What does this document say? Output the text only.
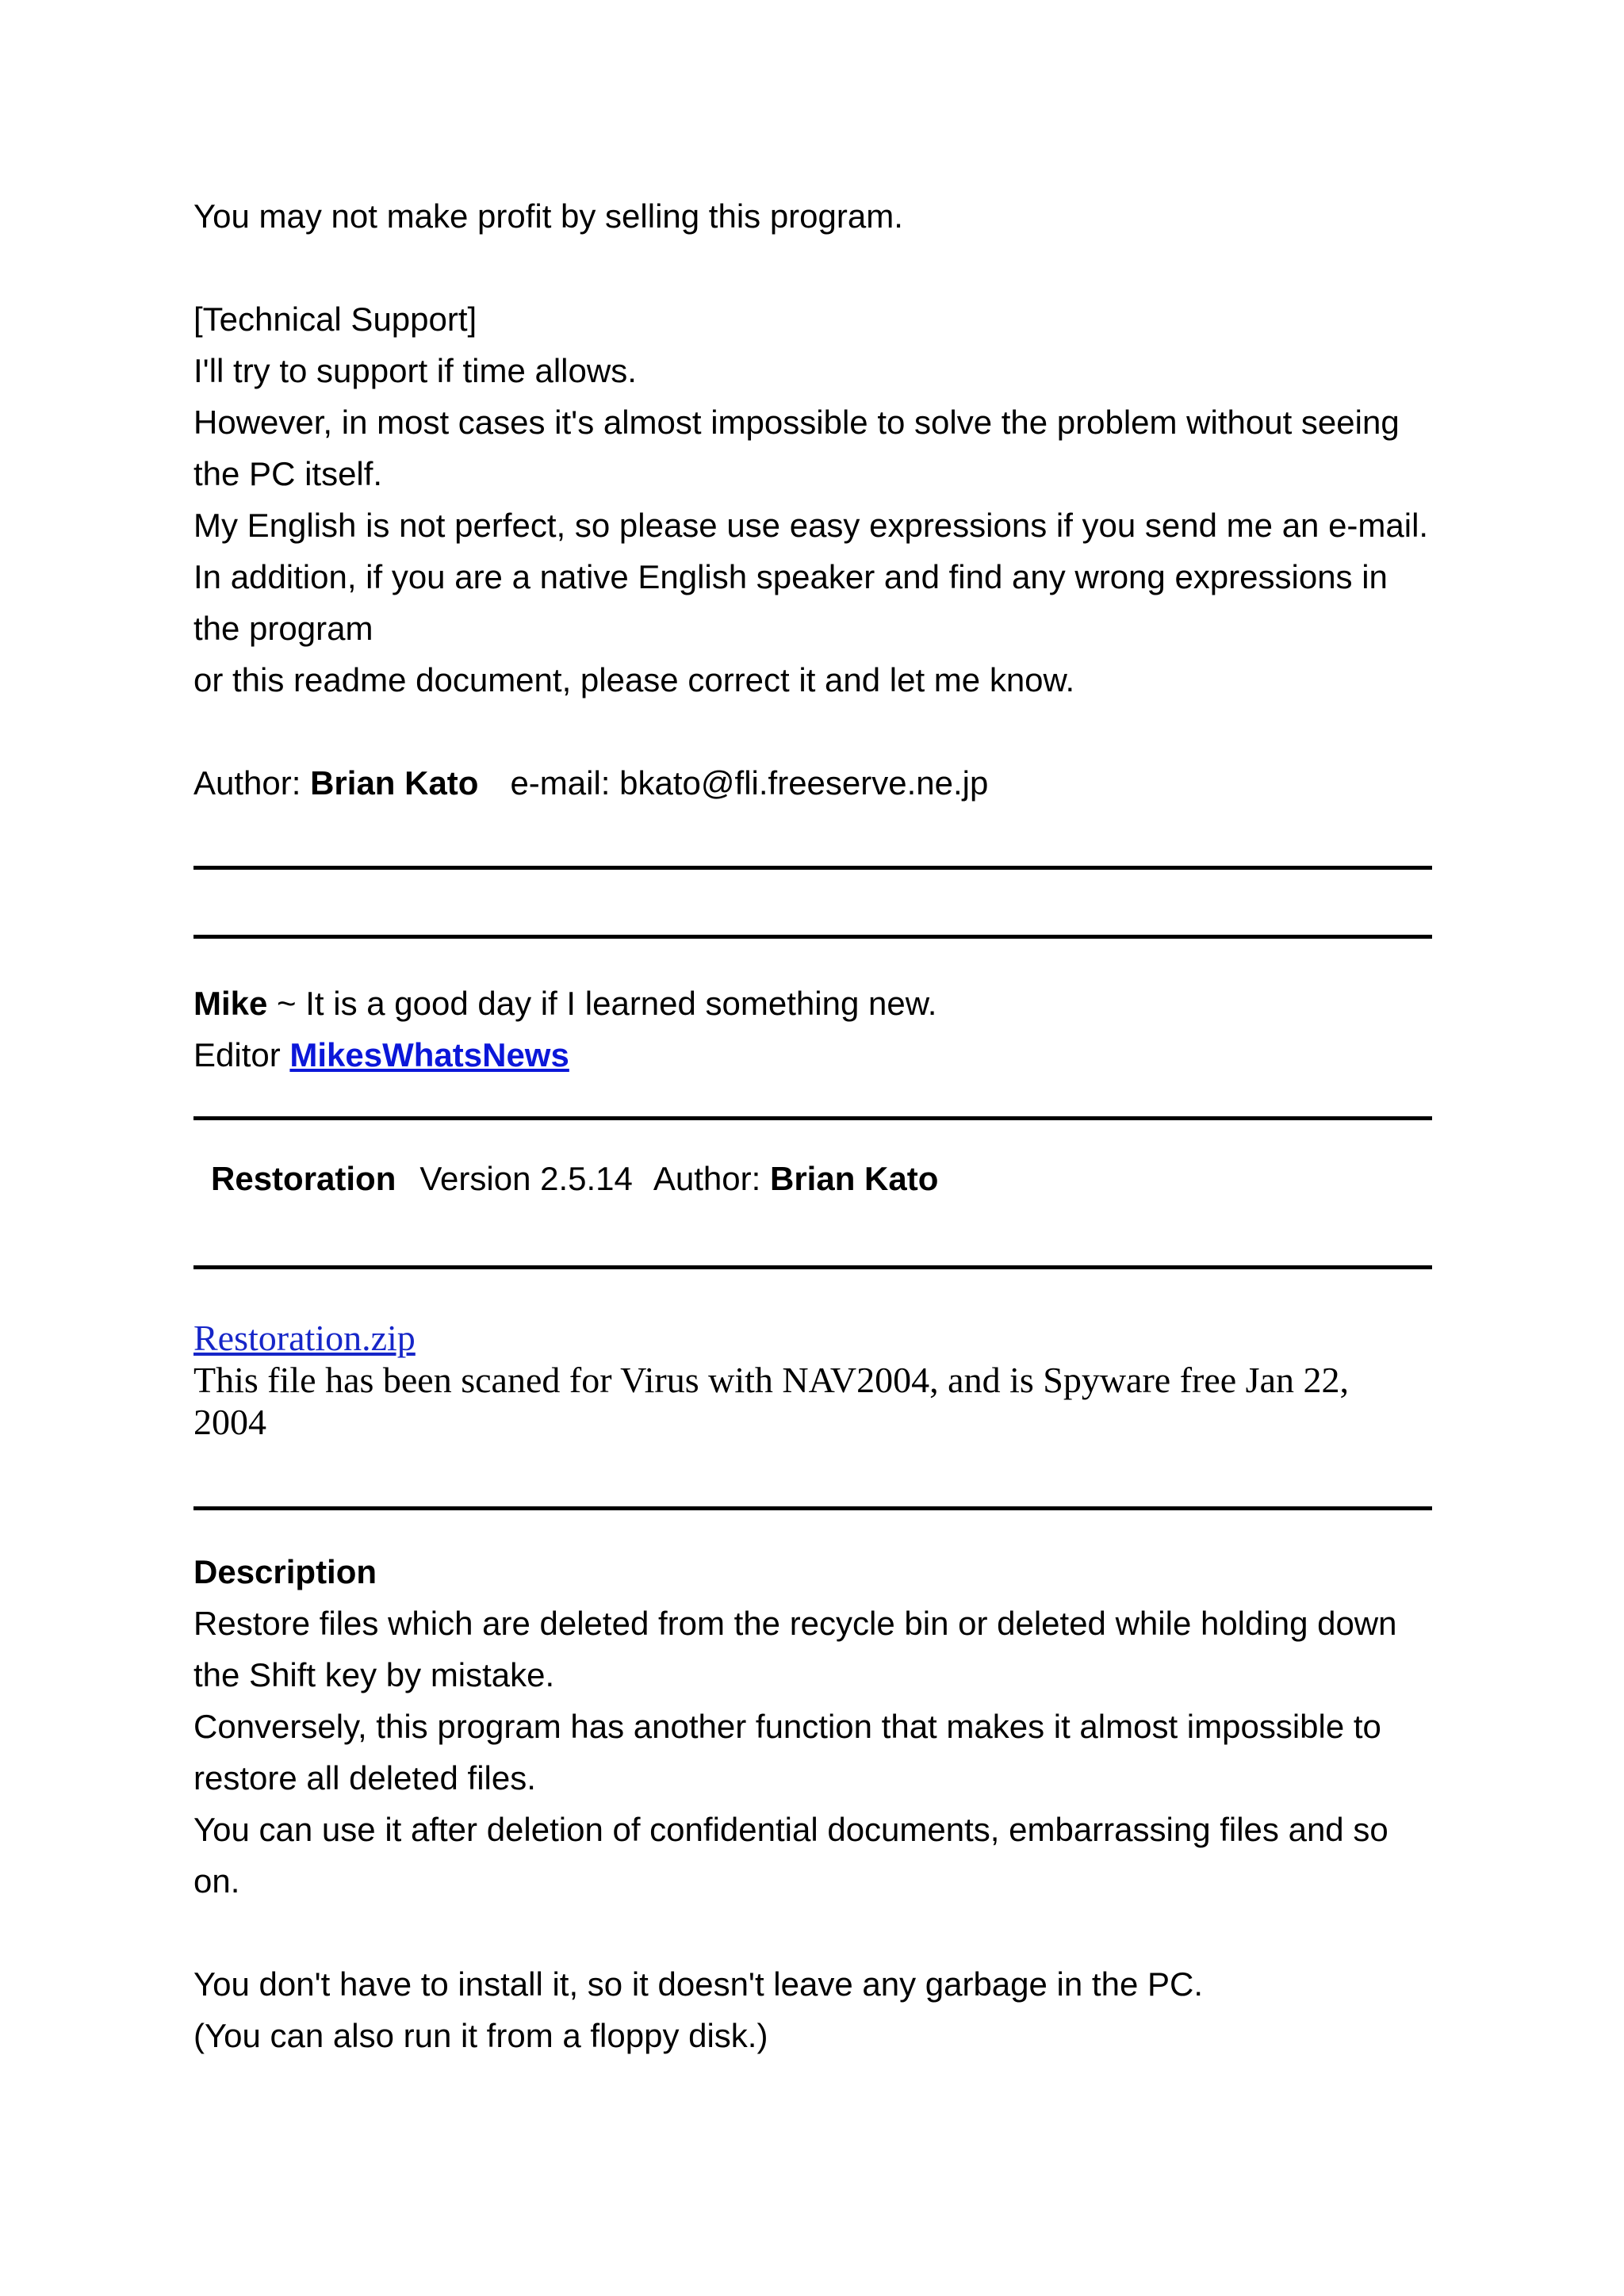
You may not make profit by selling this program.
[Technical Support]
I'll try to support if time allows.
However, in most cases it's almost impossible to solve the problem without seeing
the PC itself.
My English is not perfect, so please use easy expressions if you send me an e-mail.
In addition, if you are a native English speaker and find any wrong expressions in
the program
or this readme document, please correct it and let me know.
Author: Brian Kato e-mail: bkato@fli.freeserve.ne.jp
Mike ~ It is a good day if I learned something new.
Editor MikesWhatsNews
Restoration Version 2.5.14 Author: Brian Kato
Restoration.zip
This file has been scaned for Virus with NAV2004, and is Spyware free Jan 22,
2004
Description
Restore files which are deleted from the recycle bin or deleted while holding down
the Shift key by mistake.
Conversely, this program has another function that makes it almost impossible to
restore all deleted files.
You can use it after deletion of confidential documents, embarrassing files and so
on.
You don't have to install it, so it doesn't leave any garbage in the PC.
(You can also run it from a floppy disk.)
